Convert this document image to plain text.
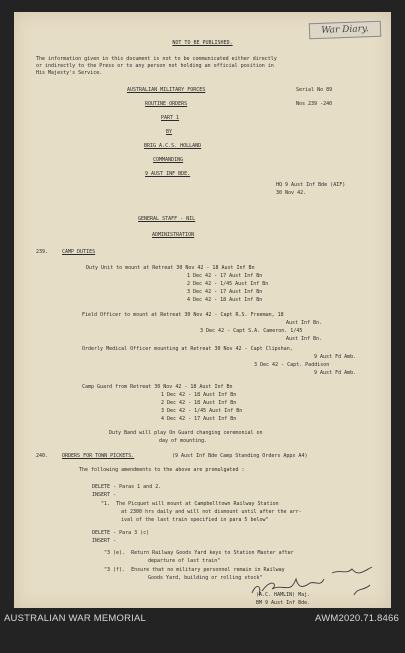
War Diary.
NOT TO BE PUBLISHED.
The information given in this document is not to be communicated either directly
or indirectly to the Press or to any person not holding an official position in
His Majesty's Service.
AUSTRALIAN MILITARY FORCES	Serial No 89
ROUTINE ORDERS	Nos 239 -240
PART 1
BY
BRIG A.C.S. HOLLAND
COMMANDING
9 AUST INF BDE.
HQ 9 Aust Inf Bde (AIF)
30 Nov 42.
GENERAL STAFF - NIL
ADMINISTRATION
239.	CAMP DUTIES
Duty Unit to mount at Retreat 30 Nov 42 - 18 Aust Inf Bn
1 Dec 42 - 17 Aust Inf Bn
2 Dec 42 - 1/45 Aust Inf Bn
3 Dec 42 - 17 Aust Inf Bn
4 Dec 42 - 18 Aust Inf Bn
Field Officer to mount at Retreat 30 Nov 42 - Capt R.S. Freeman, 18
Aust Inf Bn.
3 Dec 42 - Capt S.A. Cameron. 1/45
Aust Inf Bn.
Orderly Medical Officer mounting at Retreat 30 Nov 42 - Capt Clipshan,
9 Aust Fd Amb.
3 Dec 42 - Capt. Paddison
9 Aust Fd Amb.
Camp Guard from Retreat 30 Nov 42 - 18 Aust Inf Bn
1 Dec 42 - 18 Aust Inf Bn
2 Dec 42 - 18 Aust Inf Bn
3 Dec 42 - 1/45 Aust Inf Bn
4 Dec 42 - 17 Aust Inf Bn
Duty Band will play On Guard changing ceremonial on
day of mounting.
240.	ORDERS FOR TOWN PICKETS.	(9 Aust Inf Bde Camp Standing Orders Appx A4)
The following amendments to the above are promulgated :
DELETE - Paras 1 and 2.
INSERT -
"1.  The Picquet will mount at Campbelltown Railway Station
at 2300 hrs daily and will not dismount until after the arr-
ival of the last train specified in para 5 below"
DELETE - Para 3 (c)
INSERT -
"3 (e).  Return Railway Goods Yard keys to Station Master after
departure of last train"
"3 (f).  Ensure that no military personnel remain in Railway
Goods Yard, building or rolling stock"
(A.C. HAMLIN) Maj.
BM 9 Aust Inf Bde.
AUSTRALIAN WAR MEMORIAL	AWM2020.71.8466
